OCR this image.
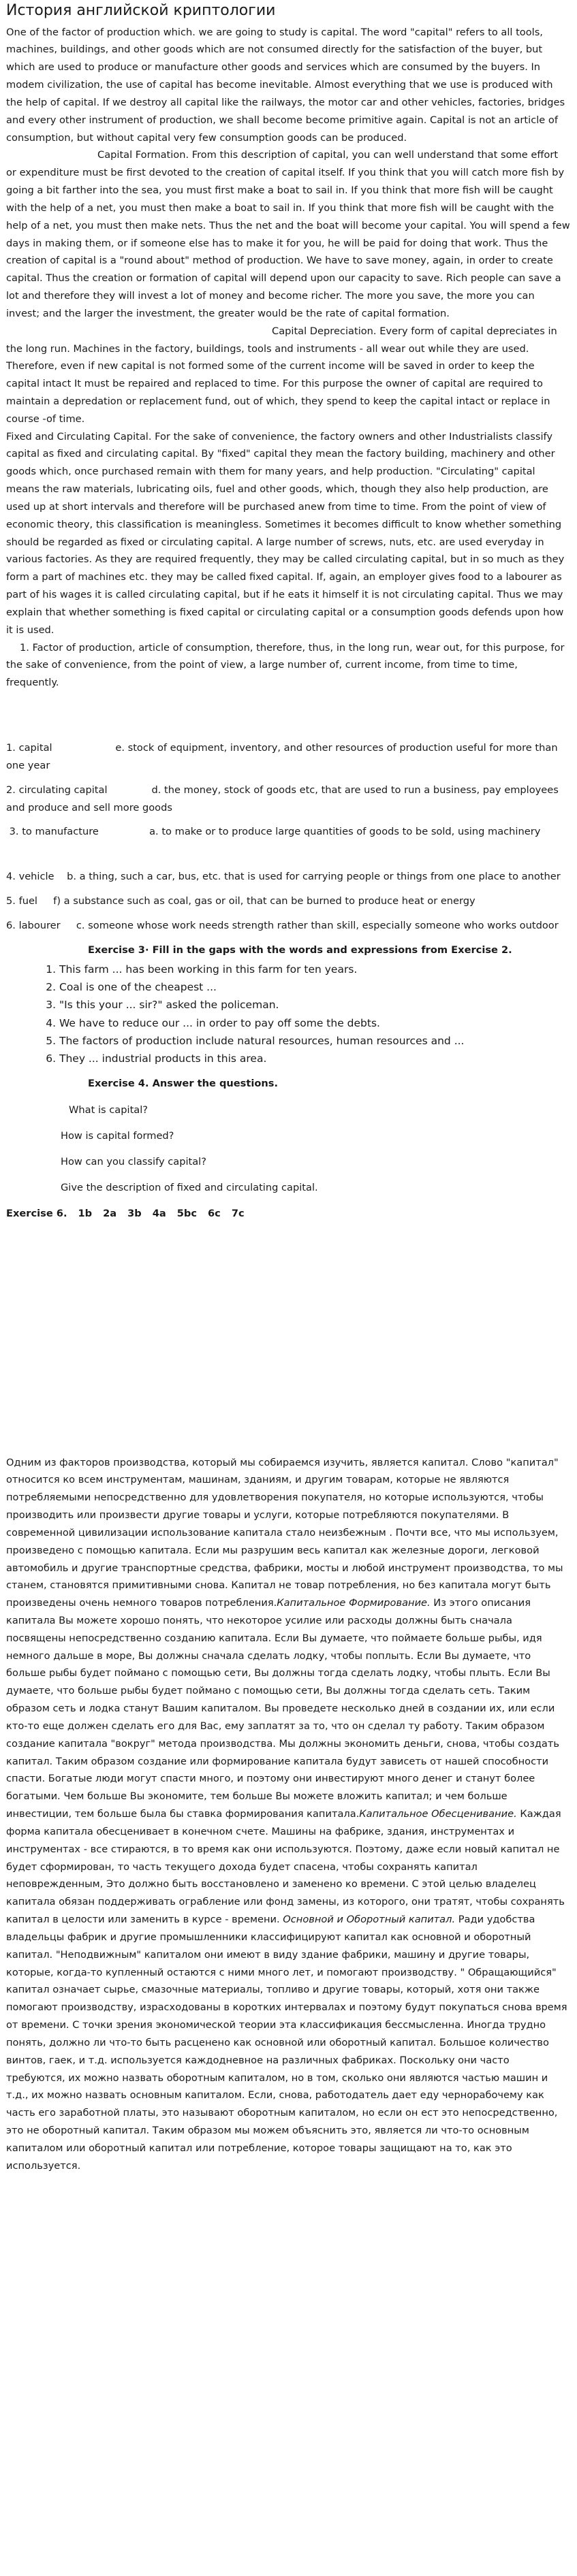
История английской криптологии

One of the factor of production which. we are going to study is capital. The word "capital" refers to all tools, machines, buildings, and other goods which are not consumed directly for the satisfaction of the buyer, but which are used to produce or manufacture other goods and services which are consumed by the buyers. In modem civilization, the use of capital has become inevitable. Almost everything that we use is produced with the help of capital. If we destroy all capital like the railways, the motor car and other vehicles, factories, bridges and every other instrument of production, we shall become become primitive again. Capital is not an article of consumption, but without capital very few consumption goods can be produced.

Capital Formation. From this description of capital, you can well understand that some effort or expenditure must be first devoted to the creation of capital itself. If you think that you will catch more fish by going a bit farther into the sea, you must first make a boat to sail in. If you think that more fish will be caught with the help of a net, you must then make a boat to sail in. If you think that more fish will be caught with the help of a net, you must then make nets. Thus the net and the boat will become your capital. You will spend a few days in making them, or if someone else has to make it for you, he will be paid for doing that work. Thus the creation of capital is a "round about" method of production. We have to save money, again, in order to create capital. Thus the creation or formation of capital will depend upon our capacity to save. Rich people can save a lot and therefore they will invest a lot of money and become richer. The more you save, the more you can invest; and the larger the investment, the greater would be the rate of capital formation.

Capital Depreciation. Every form of capital depreciates in the long run. Machines in the factory, buildings, tools and instruments - all wear out while they are used. Therefore, even if new capital is not formed some of the current income will be saved in order to keep the capital intact It must be repaired and replaced to time. For this purpose the owner of capital are required to maintain a depredation or replacement fund, out of which, they spend to keep the capital intact or replace in course -of time.

Fixed and Circulating Capital. For the sake of convenience, the factory owners and other Industrialists classify capital as fixed and circulating capital. By "fixed" capital they mean the factory building, machinery and other goods which, once purchased remain with them for many years, and help production. "Circulating" capital means the raw materials, lubricating oils, fuel and other goods, which, though they also help production, are used up at short intervals and therefore will be purchased anew from time to time. From the point of view of economic theory, this classification is meaningless. Sometimes it becomes difficult to know whether something should be regarded as fixed or circulating capital. A large number of screws, nuts, etc. are used everyday in various factories. As they are required frequently, they may be called circulating capital, but in so much as they form a part of machines etc. they may be called fixed capital. If, again, an employer gives food to a labourer as part of his wages it is called circulating capital, but if he eats it himself it is not circulating capital. Thus we may explain that whether something is fixed capital or circulating capital or a consumption goods defends upon how it is used.

1. Factor of production, article of consumption, therefore, thus, in the long run, wear out, for this purpose, for the sake of convenience, from the point of view, a large number of, current income, from time to time, frequently.

1. capital                    e. stock of equipment, inventory, and other resources of production useful for more than one year

2. circulating capital              d. the money, stock of goods etc, that are used to run a business, pay employees and produce and sell more goods

3. to manufacture                a. to make or to produce large quantities of goods to be sold, using machinery

4. vehicle    b. a thing, such a car, bus, etc. that is used for carrying people or things from one place to another

5. fuel     f) a substance such as coal, gas or oil, that can be burned to produce heat or energy

6. labourer     c. someone whose work needs strength rather than skill, especially someone who works outdoor

Exercise 3· Fill in the gaps with the words and expressions from Exercise 2.
1. This farm ... has been working in this farm for ten years.
2. Coal is one of the cheapest ...
3. "Is this your ... sir?" asked the policeman.
4. We have to reduce our ... in order to pay off some the debts.
5. The factors of production include natural resources, human resources and ...
6. They ... industrial products in this area.
Exercise 4. Answer the questions.

What is capital?

How is capital formed?

How can you classify capital?

Give the description of fixed and circulating capital.

Exercise 6. 1b 2a 3b 4a 5bc 6c 7c

Одним из факторов производства, который мы собираемся изучить, является капитал. Слово "капитал" относится ко всем инструментам, машинам, зданиям, и другим товарам, которые не являются потребляемыми непосредственно для удовлетворения покупателя, но которые используются, чтобы производить или произвести другие товары и услуги, которые потребляются покупателями. В современной цивилизации использование капитала стало неизбежным . Почти все, что мы используем, произведено с помощью капитала. Если мы разрушим весь капитал как железные дороги, легковой автомобиль и другие транспортные средства, фабрики, мосты и любой инструмент производства, то мы станем, становятся примитивными снова. Капитал не товар потребления, но без капитала могут быть произведены очень немного товаров потребления.Капитальное Формирование. Из этого описания капитала Вы можете хорошо понять, что некоторое усилие или расходы должны быть сначала посвящены непосредственно созданию капитала. Если Вы думаете, что поймаете больше рыбы, идя немного дальше в море, Вы должны сначала сделать лодку, чтобы поплыть. Если Вы думаете, что больше рыбы будет поймано с помощью сети, Вы должны тогда сделать лодку, чтобы плыть. Если Вы думаете, что больше рыбы будет поймано с помощью сети, Вы должны тогда сделать сеть. Таким образом сеть и лодка станут Вашим капиталом. Вы проведете несколько дней в создании их, или если кто-то еще должен сделать его для Вас, ему заплатят за то, что он сделал ту работу. Таким образом создание капитала "вокруг" метода производства. Мы должны экономить деньги, снова, чтобы создать капитал. Таким образом создание или формирование капитала будут зависеть от нашей способности спасти. Богатые люди могут спасти много, и поэтому они инвестируют много денег и станут более богатыми. Чем больше Вы экономите, тем больше Вы можете вложить капитал; и чем больше инвестиции, тем больше была бы ставка формирования капитала.Капитальное Обесценивание. Каждая форма капитала обесценивает в конечном счете. Машины на фабрике, здания, инструментах и инструментах - все стираются, в то время как они используются. Поэтому, даже если новый капитал не будет сформирован, то часть текущего дохода будет спасена, чтобы сохранять капитал неповрежденным, Это должно быть восстановлено и заменено ко времени. С этой целью владелец капитала обязан поддерживать ограбление или фонд замены, из которого, они тратят, чтобы сохранять капитал в целости или заменить в курсе - времени. Основной и Оборотный капитал. Ради удобства владельцы фабрик и другие промышленники классифицируют капитал как основной и оборотный капитал. "Неподвижным" капиталом они имеют в виду здание фабрики, машину и другие товары, которые, когда-то купленный остаются с ними много лет, и помогают производству. " Обращающийся" капитал означает сырье, смазочные материалы, топливо и другие товары, который, хотя они также помогают производству, израсходованы в коротких интервалах и поэтому будут покупаться снова время от времени. С точки зрения экономической теории эта классификация бессмысленна. Иногда трудно понять, должно ли что-то быть расценено как основной или оборотный капитал. Большое количество винтов, гаек, и т.д. используется каждодневное на различных фабриках. Поскольку они часто требуются, их можно назвать оборотным капиталом, но в том, сколько они являются частью машин и т.д., их можно назвать основным капиталом. Если, снова, работодатель дает еду чернорабочему как часть его заработной платы, это называют оборотным капиталом, но если он ест это непосредственно, это не оборотный капитал. Таким образом мы можем объяснить это, является ли что-то основным капиталом или оборотный капитал или потребление, которое товары защищают на то, как это используется.
